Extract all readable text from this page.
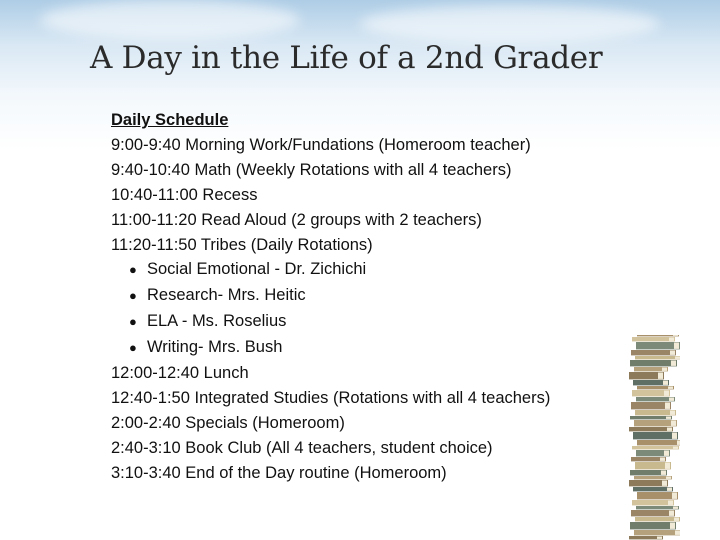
A Day in the Life of a 2nd Grader
Daily Schedule
9:00-9:40 Morning Work/Fundations (Homeroom teacher)
9:40-10:40 Math (Weekly Rotations with all 4 teachers)
10:40-11:00 Recess
11:00-11:20 Read Aloud (2 groups with 2 teachers)
11:20-11:50 Tribes (Daily Rotations)
● Social Emotional - Dr. Zichichi
● Research- Mrs. Heitic
● ELA - Ms. Roselius
● Writing- Mrs. Bush
12:00-12:40 Lunch
12:40-1:50 Integrated Studies (Rotations with all 4 teachers)
2:00-2:40 Specials (Homeroom)
2:40-3:10 Book Club (All 4 teachers, student choice)
3:10-3:40 End of the Day routine (Homeroom)
